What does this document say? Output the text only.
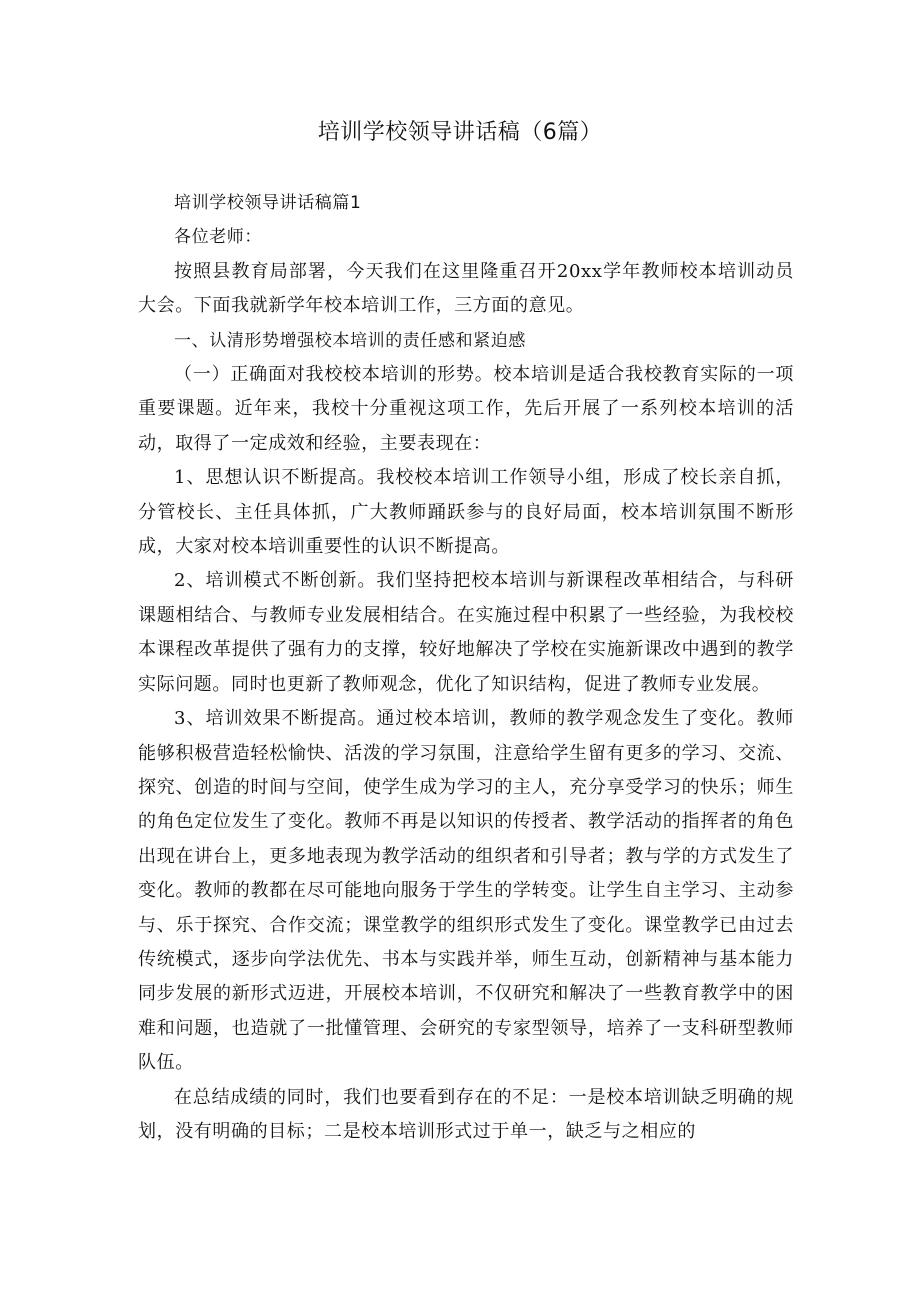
培训学校领导讲话稿（6篇）

培训学校领导讲话稿篇1

各位老师：

按照县教育局部署，今天我们在这里隆重召开20xx学年教师校本培训动员大会。下面我就新学年校本培训工作，三方面的意见。

一、认清形势增强校本培训的责任感和紧迫感

（一）正确面对我校校本培训的形势。校本培训是适合我校教育实际的一项重要课题。近年来，我校十分重视这项工作，先后开展了一系列校本培训的活动，取得了一定成效和经验，主要表现在：

1、思想认识不断提高。我校校本培训工作领导小组，形成了校长亲自抓，分管校长、主任具体抓，广大教师踊跃参与的良好局面，校本培训氛围不断形成，大家对校本培训重要性的认识不断提高。

2、培训模式不断创新。我们坚持把校本培训与新课程改革相结合，与科研课题相结合、与教师专业发展相结合。在实施过程中积累了一些经验，为我校校本课程改革提供了强有力的支撑，较好地解决了学校在实施新课改中遇到的教学实际问题。同时也更新了教师观念，优化了知识结构，促进了教师专业发展。

3、培训效果不断提高。通过校本培训，教师的教学观念发生了变化。教师能够积极营造轻松愉快、活泼的学习氛围，注意给学生留有更多的学习、交流、探究、创造的时间与空间，使学生成为学习的主人，充分享受学习的快乐；师生的角色定位发生了变化。教师不再是以知识的传授者、教学活动的指挥者的角色出现在讲台上，更多地表现为教学活动的组织者和引导者；教与学的方式发生了变化。教师的教都在尽可能地向服务于学生的学转变。让学生自主学习、主动参与、乐于探究、合作交流；课堂教学的组织形式发生了变化。课堂教学已由过去传统模式，逐步向学法优先、书本与实践并举，师生互动，创新精神与基本能力同步发展的新形式迈进，开展校本培训，不仅研究和解决了一些教育教学中的困难和问题，也造就了一批懂管理、会研究的专家型领导，培养了一支科研型教师队伍。

在总结成绩的同时，我们也要看到存在的不足：一是校本培训缺乏明确的规划，没有明确的目标；二是校本培训形式过于单一，缺乏与之相应的
